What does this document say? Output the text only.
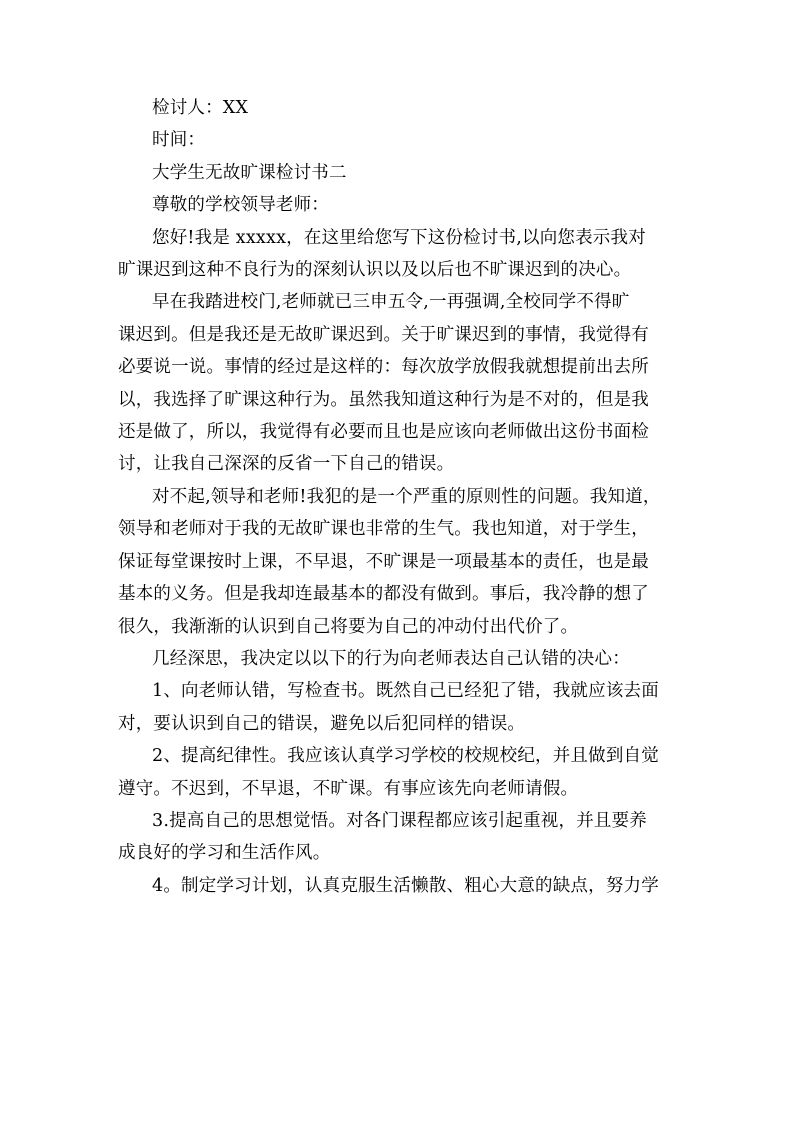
检讨人：XX

时间：

大学生无故旷课检讨书二

尊敬的学校领导老师：

您好!我是 xxxxx，在这里给您写下这份检讨书,以向您表示我对

旷课迟到这种不良行为的深刻认识以及以后也不旷课迟到的决心。

早在我踏进校门,老师就已三申五令,一再强调,全校同学不得旷

课迟到。但是我还是无故旷课迟到。关于旷课迟到的事情，我觉得有

必要说一说。事情的经过是这样的：每次放学放假我就想提前出去所

以，我选择了旷课这种行为。虽然我知道这种行为是不对的，但是我

还是做了，所以，我觉得有必要而且也是应该向老师做出这份书面检

讨，让我自己深深的反省一下自己的错误。

对不起,领导和老师!我犯的是一个严重的原则性的问题。我知道，

领导和老师对于我的无故旷课也非常的生气。我也知道，对于学生，

保证每堂课按时上课，不早退，不旷课是一项最基本的责任，也是最

基本的义务。但是我却连最基本的都没有做到。事后，我冷静的想了

很久，我渐渐的认识到自己将要为自己的冲动付出代价了。

几经深思，我决定以以下的行为向老师表达自己认错的决心：

1、向老师认错，写检查书。既然自己已经犯了错，我就应该去面

对，要认识到自己的错误，避免以后犯同样的错误。

2、提高纪律性。我应该认真学习学校的校规校纪，并且做到自觉

遵守。不迟到，不早退，不旷课。有事应该先向老师请假。

3.提高自己的思想觉悟。对各门课程都应该引起重视，并且要养

成良好的学习和生活作风。

4。制定学习计划，认真克服生活懒散、粗心大意的缺点，努力学
